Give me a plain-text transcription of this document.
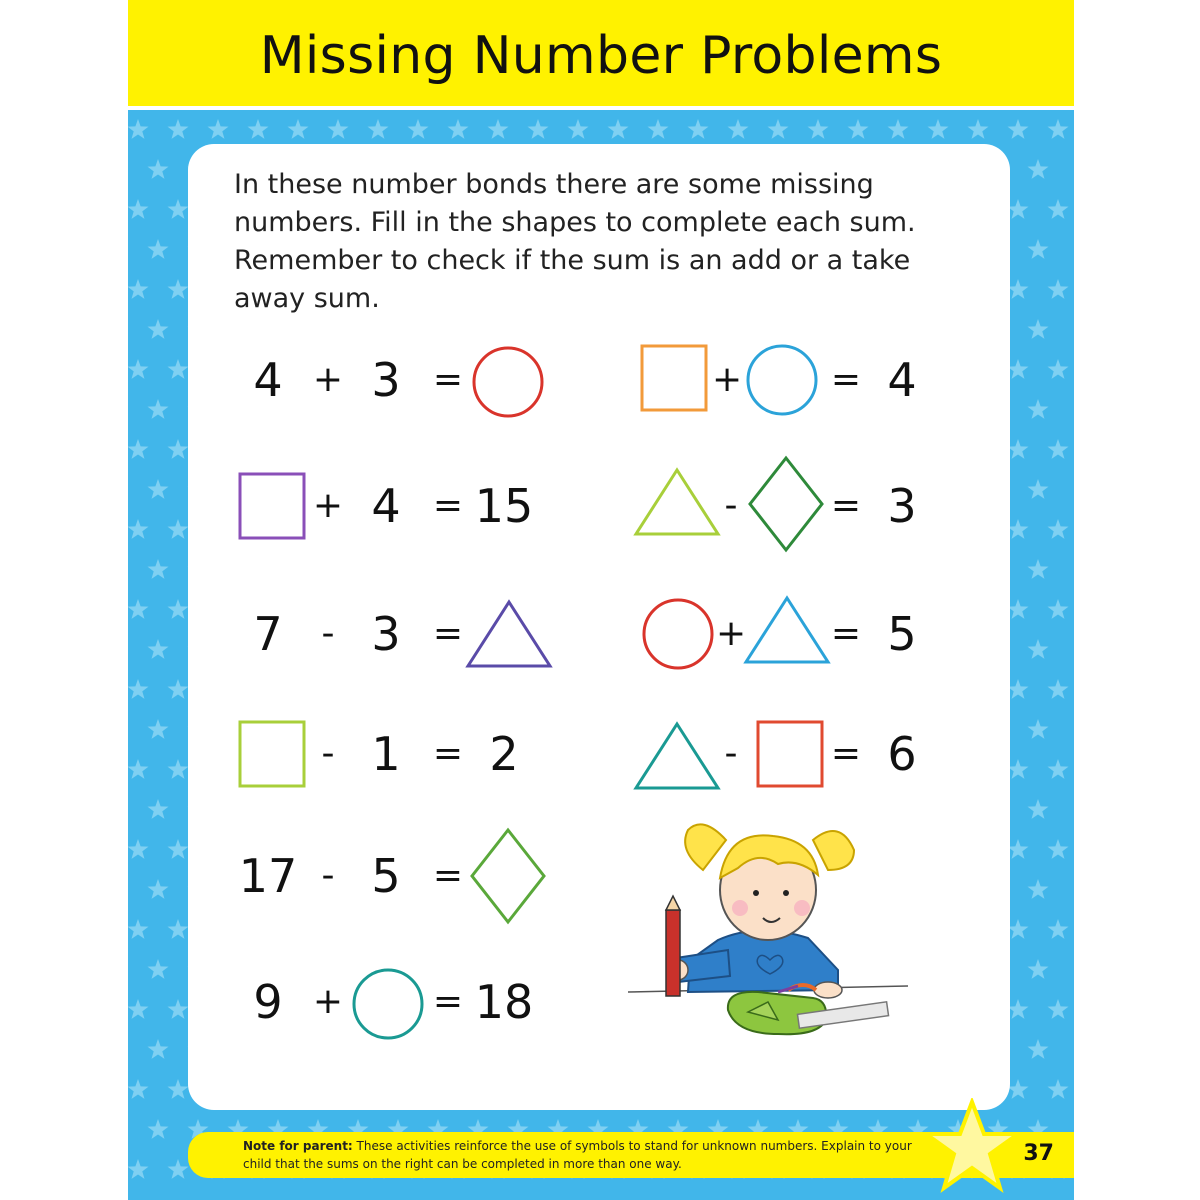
Missing Number Problems
In these number bonds there are some missing numbers. Fill in the shapes to complete each sum. Remember to check if the sum is an add or a take away sum.
4 + 3 =
+ 4 = 15
7	- 3 =
- 1 = 2
17 - 5 =
9 + = 18
+ = 4
-	= 3
+ = 5
-	= 6
Note for parent: These activities reinforce the use of symbols to stand for unknown numbers. Explain to your child that the sums on the right can be completed in more than one way.	37
